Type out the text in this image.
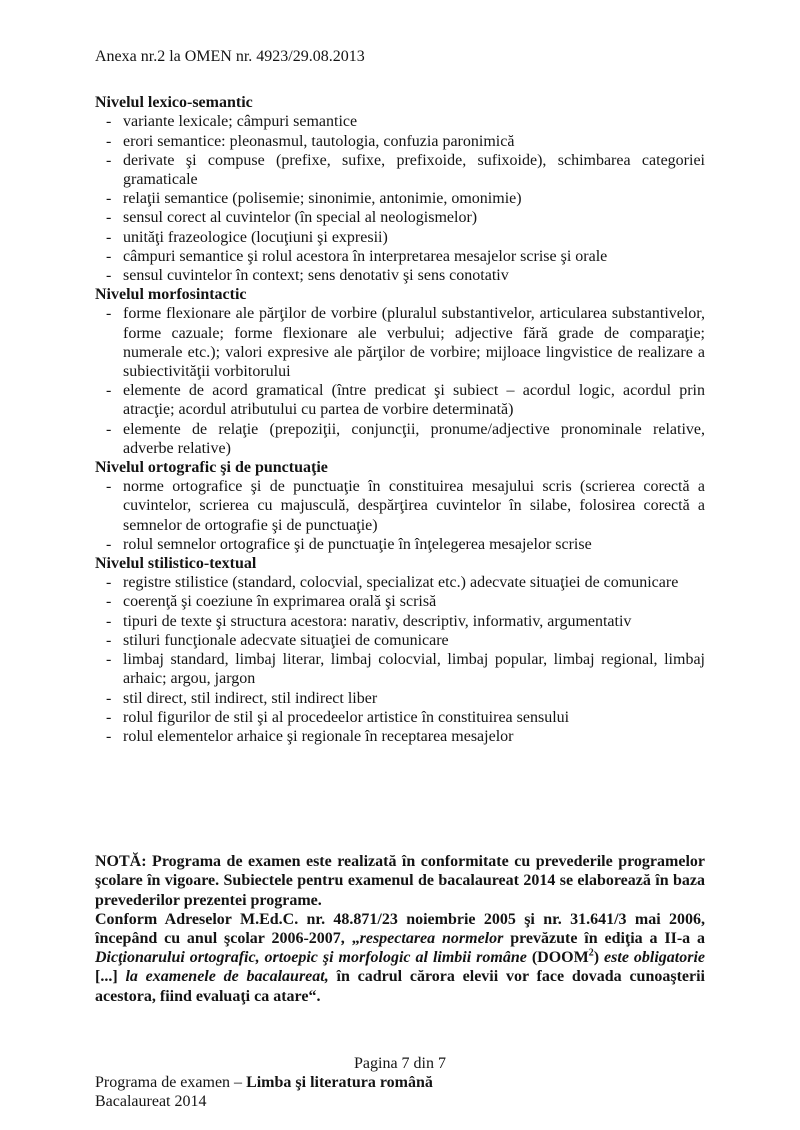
Anexa nr.2 la OMEN nr. 4923/29.08.2013
Nivelul lexico-semantic
- variante lexicale; câmpuri semantice
- erori semantice: pleonasmul, tautologia, confuzia paronimică
- derivate şi compuse (prefixe, sufixe, prefixoide, sufixoide), schimbarea categoriei gramaticale
- relaţii semantice (polisemie; sinonimie, antonimie, omonimie)
- sensul corect al cuvintelor (în special al neologismelor)
- unităţi frazeologice (locuţiuni şi expresii)
- câmpuri semantice şi rolul acestora în interpretarea mesajelor scrise şi orale
- sensul cuvintelor în context; sens denotativ şi sens conotativ
Nivelul morfosintactic
- forme flexionare ale părţilor de vorbire (pluralul substantivelor, articularea substantivelor, forme cazuale; forme flexionare ale verbului; adjective fără grade de comparaţie; numerale etc.); valori expresive ale părţilor de vorbire; mijloace lingvistice de realizare a subiectivităţii vorbitorului
- elemente de acord gramatical (între predicat şi subiect – acordul logic, acordul prin atracţie; acordul atributului cu partea de vorbire determinată)
- elemente de relaţie (prepoziţii, conjuncţii, pronume/adjective pronominale relative, adverbe relative)
Nivelul ortografic şi de punctuaţie
- norme ortografice şi de punctuaţie în constituirea mesajului scris (scrierea corectă a cuvintelor, scrierea cu majusculă, despărţirea cuvintelor în silabe, folosirea corectă a semnelor de ortografie şi de punctuaţie)
- rolul semnelor ortografice şi de punctuaţie în înţelegerea mesajelor scrise
Nivelul stilistico-textual
- registre stilistice (standard, colocvial, specializat etc.) adecvate situaţiei de comunicare
- coerenţă şi coeziune în exprimarea orală şi scrisă
- tipuri de texte şi structura acestora: narativ, descriptiv, informativ, argumentativ
- stiluri funcţionale adecvate situaţiei de comunicare
- limbaj standard, limbaj literar, limbaj colocvial, limbaj popular, limbaj regional, limbaj arhaic; argou, jargon
- stil direct, stil indirect, stil indirect liber
- rolul figurilor de stil şi al procedeelor artistice în constituirea sensului
- rolul elementelor arhaice şi regionale în receptarea mesajelor

NOTĂ: Programa de examen este realizată în conformitate cu prevederile programelor şcolare în vigoare. Subiectele pentru examenul de bacalaureat 2014 se elaborează în baza prevederilor prezentei programe.

Conform Adreselor M.Ed.C. nr. 48.871/23 noiembrie 2005 şi nr. 31.641/3 mai 2006, începând cu anul şcolar 2006-2007, „respectarea normelor prevăzute în ediţia a II-a a Dicţionarului ortografic, ortoepic şi morfologic al limbii române (DOOM$^2$) este obligatorie [...] la examenele de bacalaureat, în cadrul cărora elevii vor face dovada cunoaşterii acestora, fiind evaluaţi ca atare“.

Pagina 7 din 7
Programa de examen – Limba şi literatura română
Bacalaureat 2014
